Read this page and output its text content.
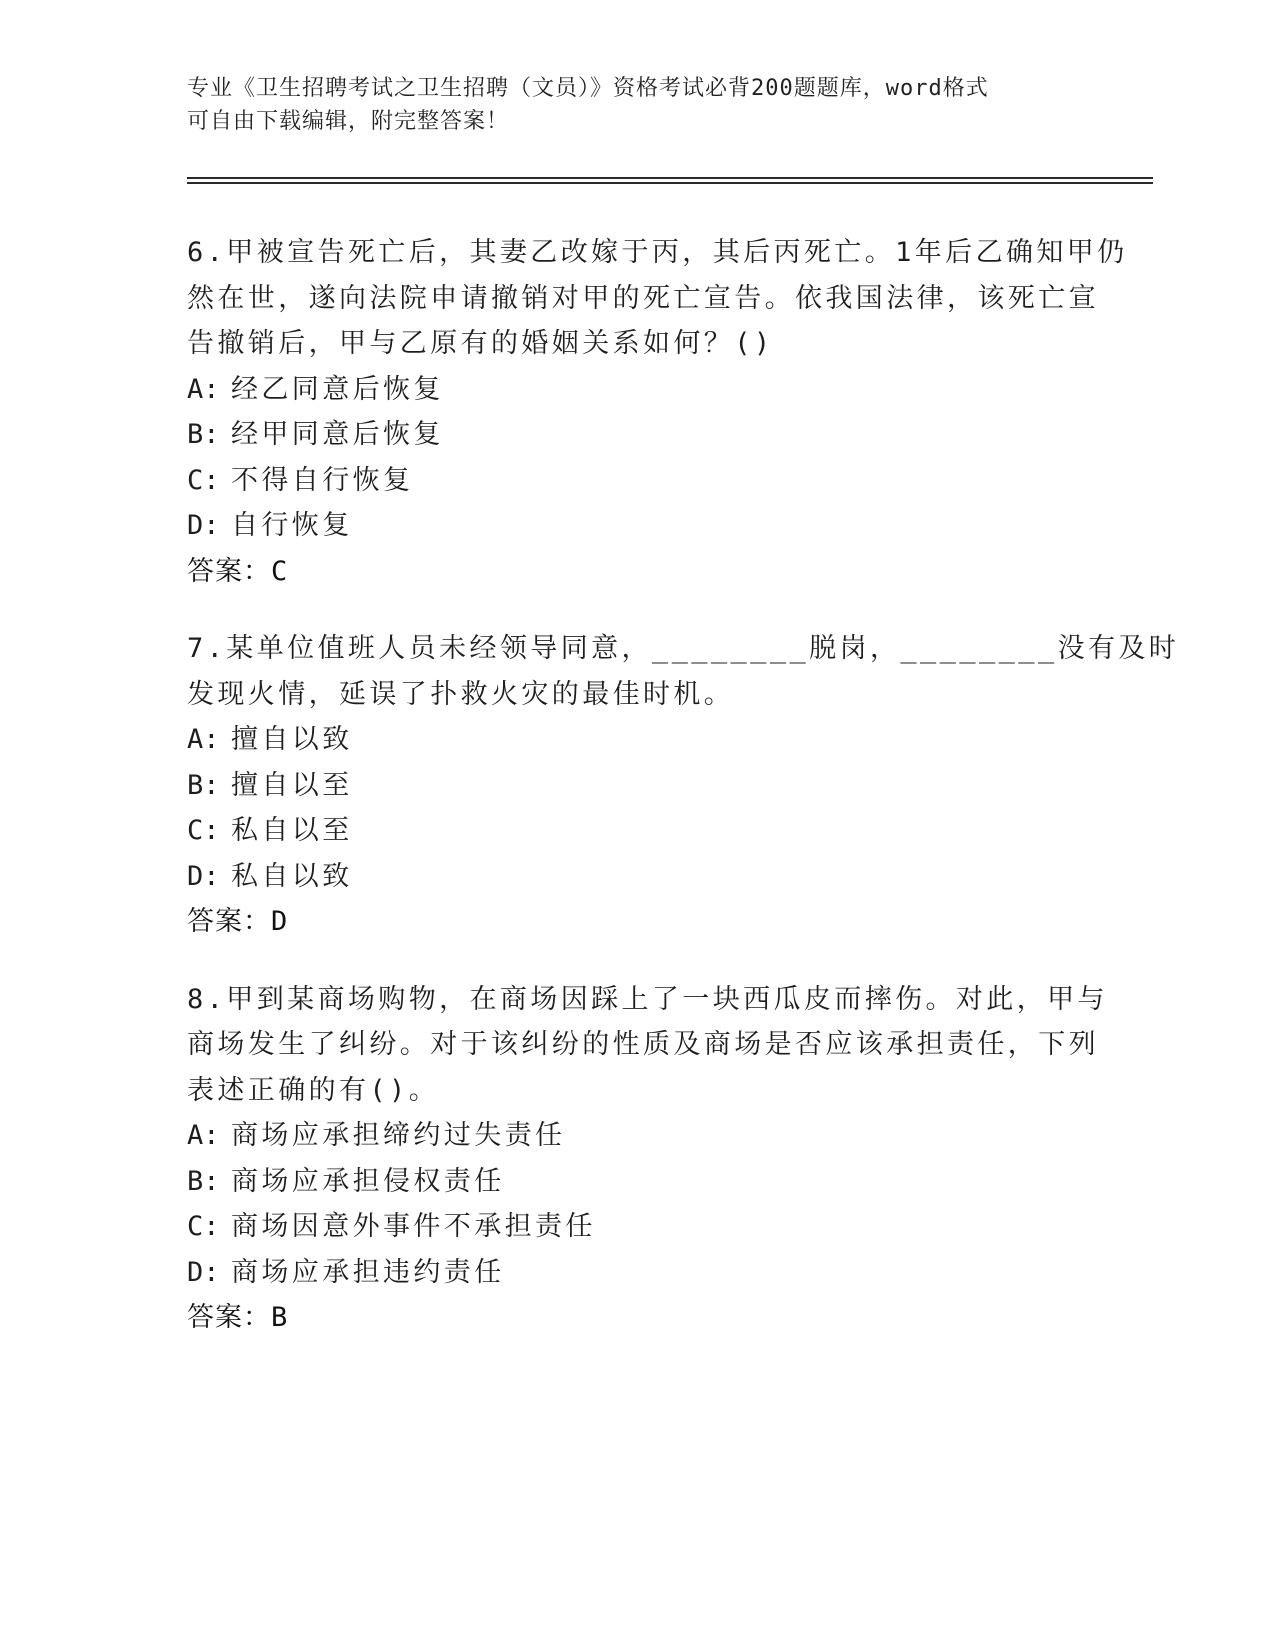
专业《卫生招聘考试之卫生招聘（文员）》资格考试必背200题题库，word格式
可自由下载编辑，附完整答案！
6.甲被宣告死亡后，其妻乙改嫁于丙，其后丙死亡。1年后乙确知甲仍
然在世，遂向法院申请撤销对甲的死亡宣告。依我国法律，该死亡宣
告撤销后，甲与乙原有的婚姻关系如何？()
A: 经乙同意后恢复
B: 经甲同意后恢复
C: 不得自行恢复
D: 自行恢复
答案：C
7.某单位值班人员未经领导同意，________脱岗，________没有及时
发现火情，延误了扑救火灾的最佳时机。
A: 擅自以致
B: 擅自以至
C: 私自以至
D: 私自以致
答案：D
8.甲到某商场购物，在商场因踩上了一块西瓜皮而摔伤。对此，甲与
商场发生了纠纷。对于该纠纷的性质及商场是否应该承担责任，下列
表述正确的有()。
A: 商场应承担缔约过失责任
B: 商场应承担侵权责任
C: 商场因意外事件不承担责任
D: 商场应承担违约责任
答案：B
